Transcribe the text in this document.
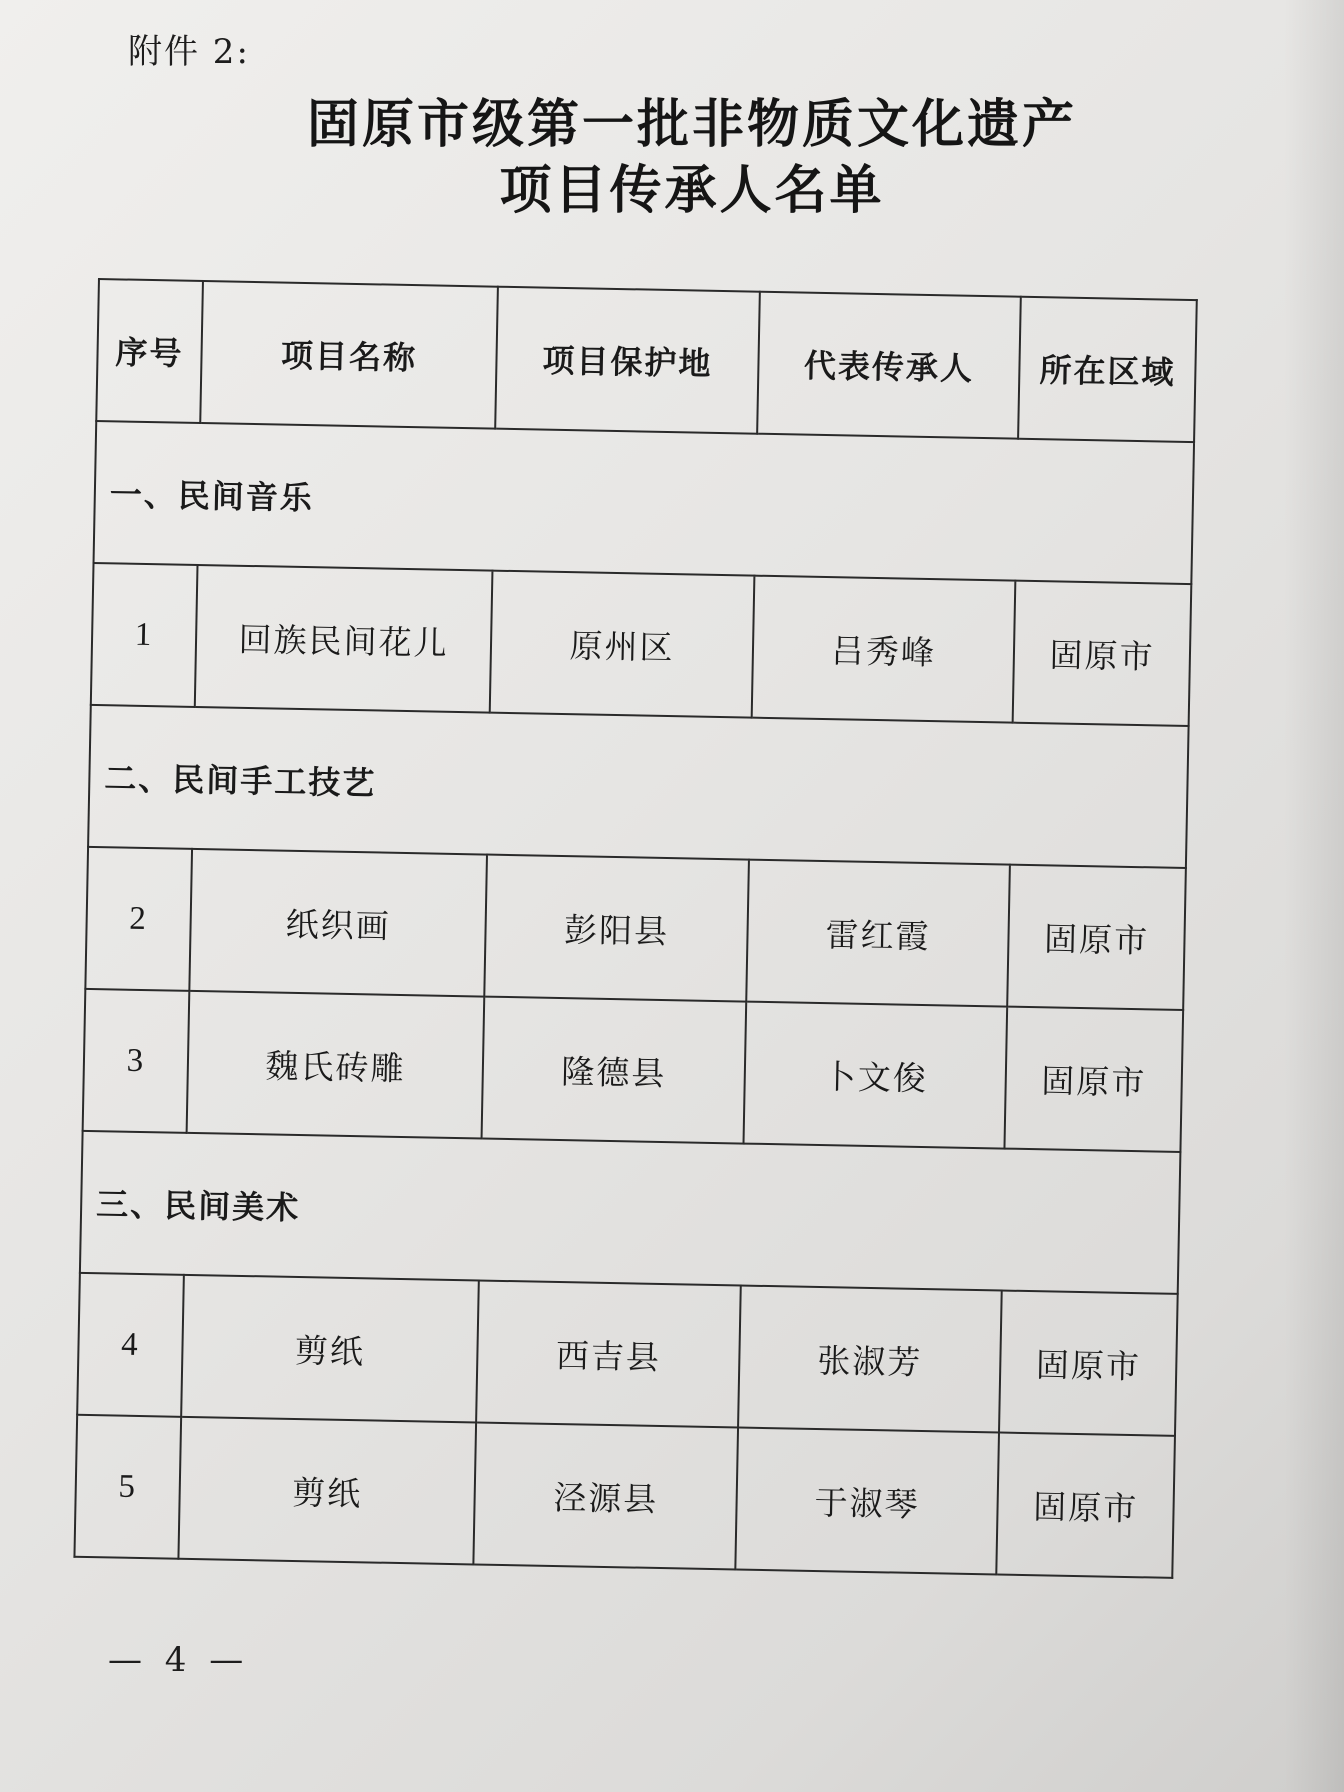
附件 2:
固原市级第一批非物质文化遗产
项目传承人名单
序号	项目名称	项目保护地	代表传承人	所在区域
一、民间音乐				
1	回族民间花儿	原州区	吕秀峰	固原市
二、民间手工技艺				
2	纸织画	彭阳县	雷红霞	固原市
3	魏氏砖雕	隆德县	卜文俊	固原市
三、民间美术				
4	剪纸	西吉县	张淑芳	固原市
5	剪纸	泾源县	于淑琴	固原市
— 4 —
